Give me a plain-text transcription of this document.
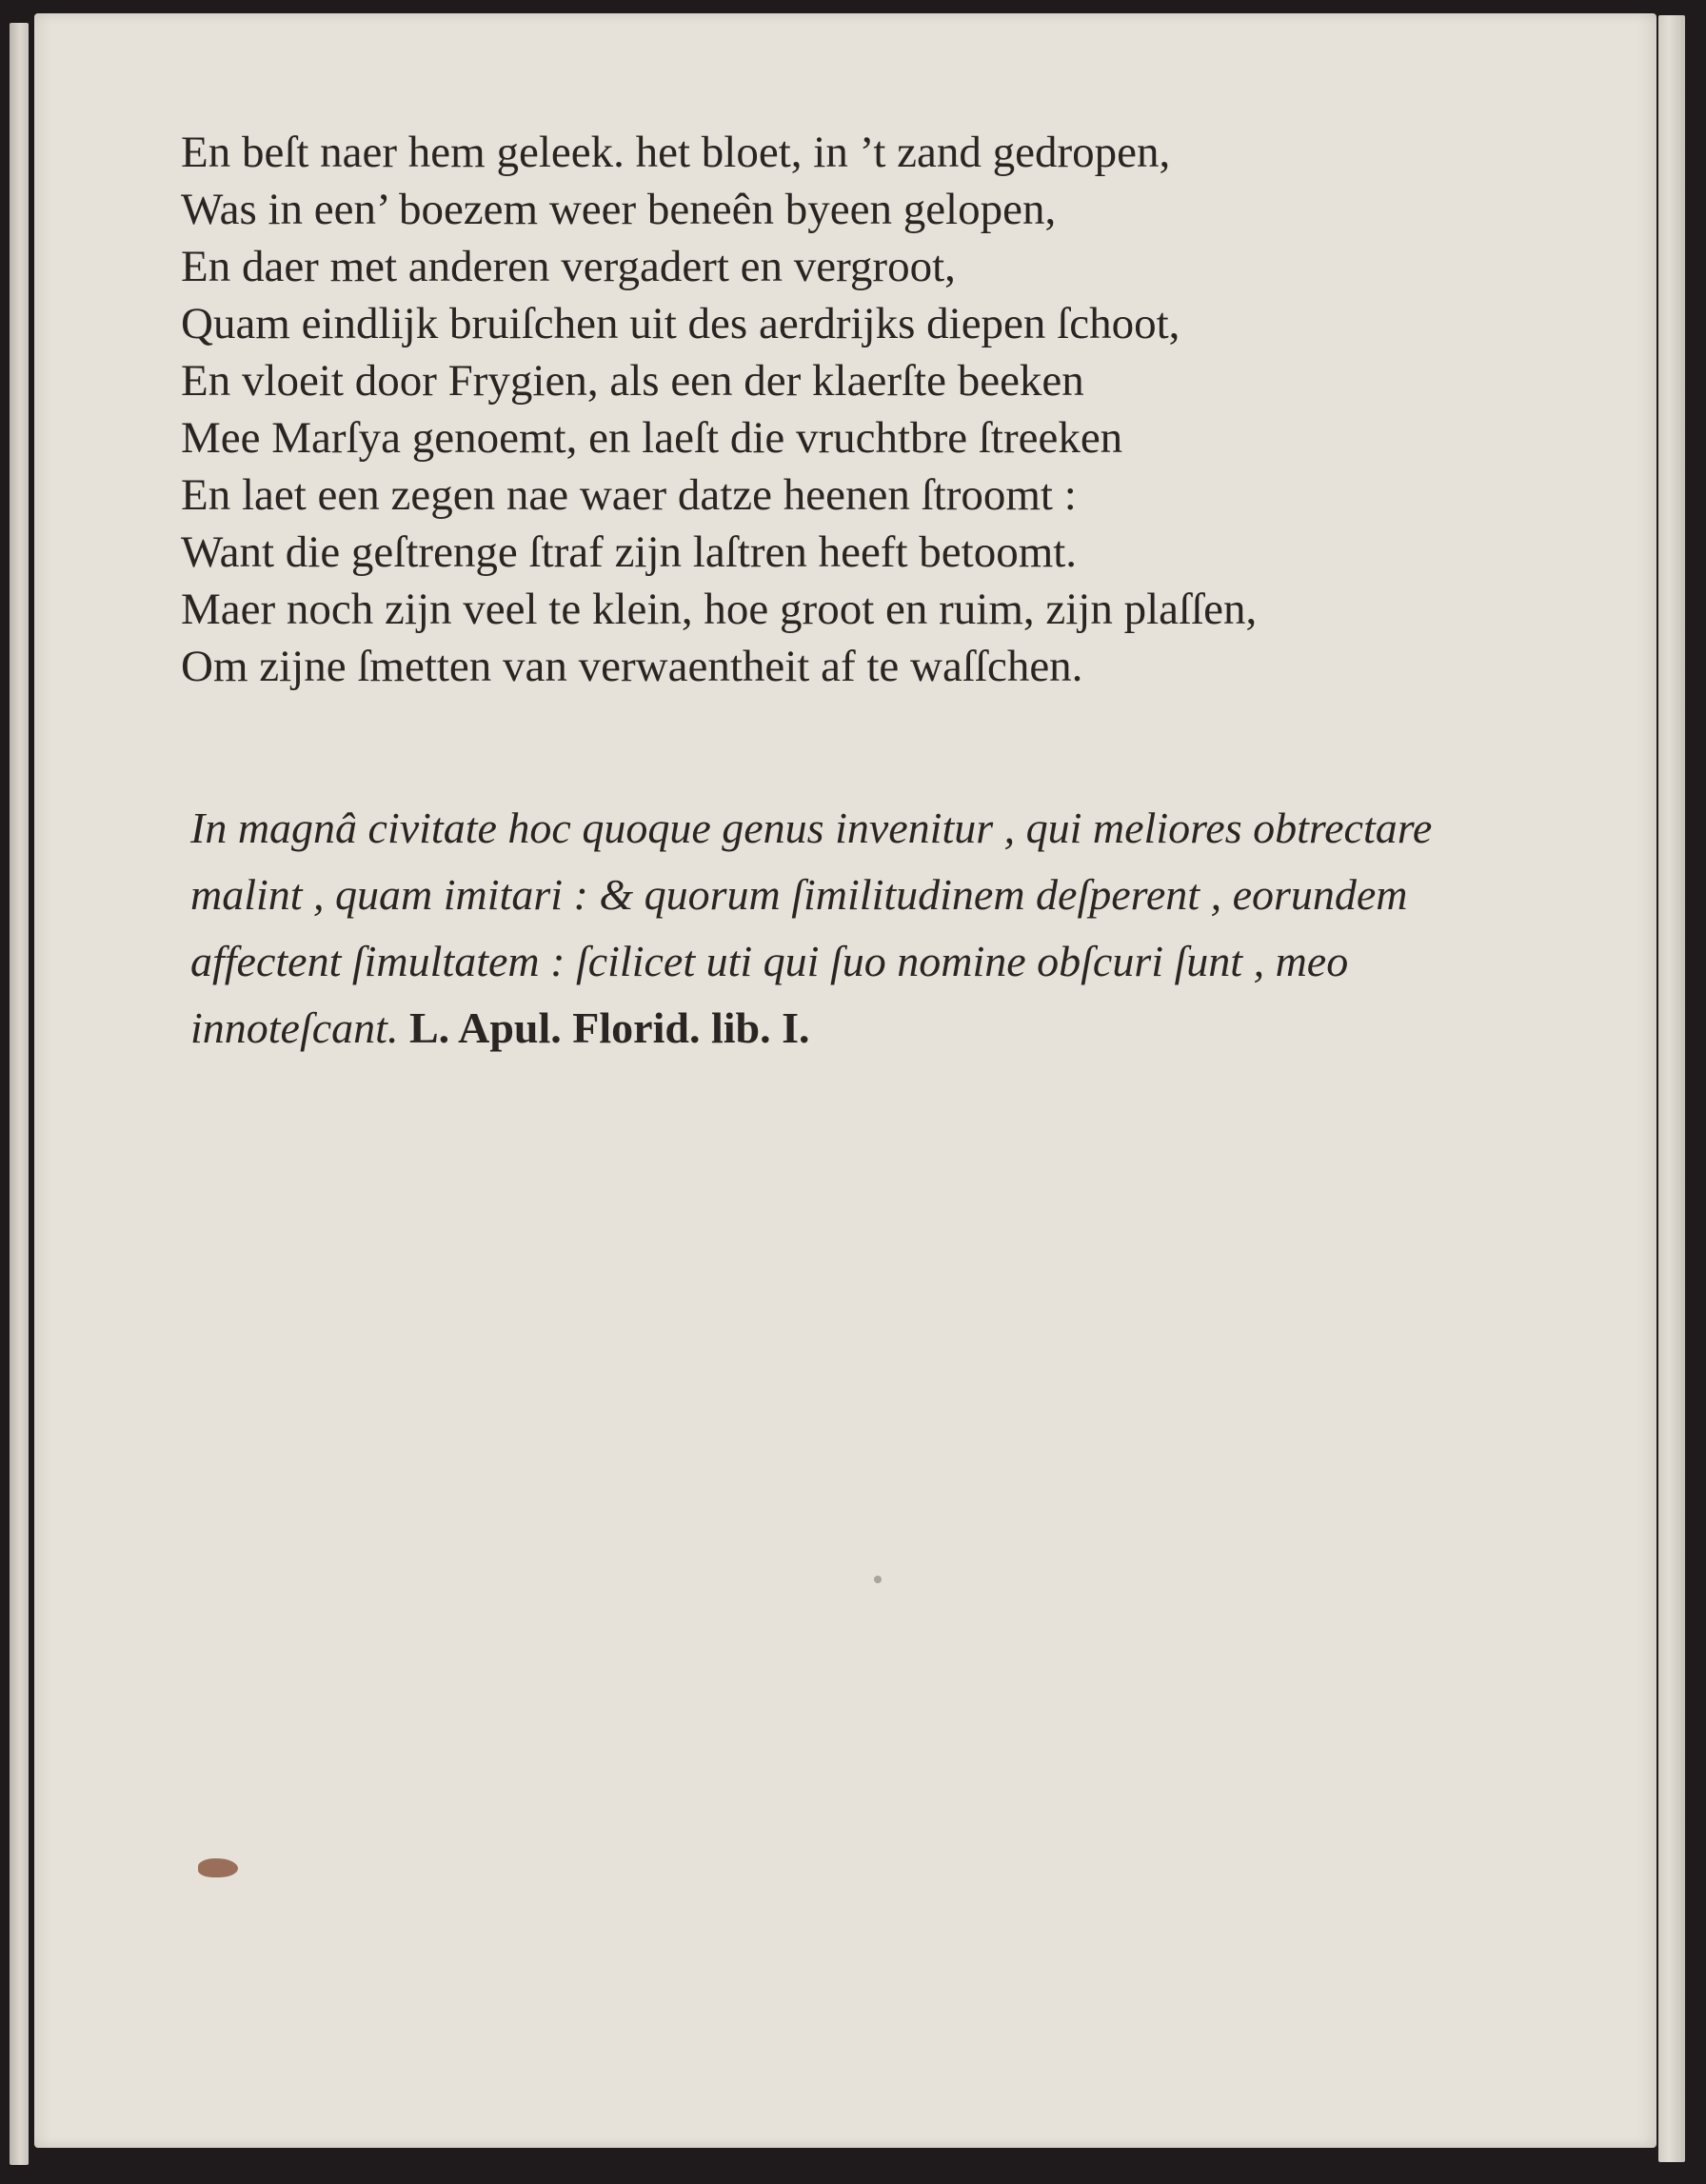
En beſt naer hem geleek. het bloet, in ’t zand gedropen,
Was in een’ boezem weer beneên byeen gelopen,
En daer met anderen vergadert en vergroot,
Quam eindlijk bruiſchen uit des aerdrijks diepen ſchoot,
En vloeit door Frygien, als een der klaerſte beeken
Mee Marſya genoemt, en laeſt die vruchtbre ſtreeken
En laet een zegen nae waer datze heenen ſtroomt :
Want die geſtrenge ſtraf zijn laſtren heeft betoomt.
Maer noch zijn veel te klein, hoe groot en ruim, zijn plaſſen,
Om zijne ſmetten van verwaentheit af te waſſchen.
In magnâ civitate hoc quoque genus invenitur , qui meliores obtrectare malint , quam imitari : & quorum ſimilitudinem deſperent , eorundem affectent ſimultatem : ſcilicet uti qui ſuo nomine obſcuri ſunt , meo innoteſcant. L. Apul. Florid. lib. I.
